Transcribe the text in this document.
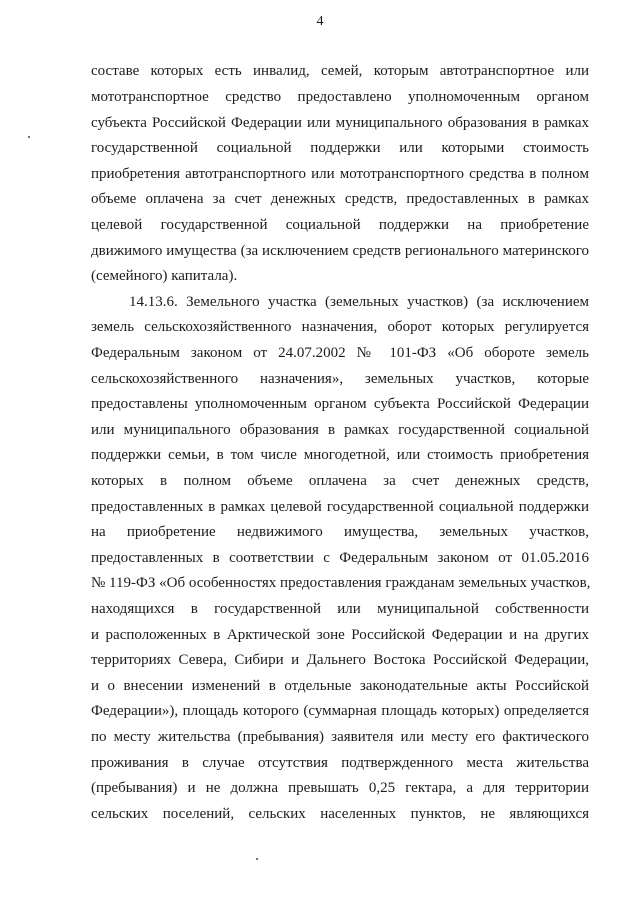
4
составе которых есть инвалид, семей, которым автотранспортное или
мототранспортное средство предоставлено уполномоченным органом
субъекта Российской Федерации или муниципального образования в рамках
государственной социальной поддержки или которыми стоимость
приобретения автотранспортного или мототранспортного средства в полном
объеме оплачена за счет денежных средств, предоставленных в рамках
целевой государственной социальной поддержки на приобретение
движимого имущества (за исключением средств регионального материнского
(семейного) капитала).
14.13.6. Земельного участка (земельных участков) (за исключением
земель сельскохозяйственного назначения, оборот которых регулируется
Федеральным законом от 24.07.2002 № 101-ФЗ «Об обороте земель
сельскохозяйственного назначения», земельных участков, которые
предоставлены уполномоченным органом субъекта Российской Федерации
или муниципального образования в рамках государственной социальной
поддержки семьи, в том числе многодетной, или стоимость приобретения
которых в полном объеме оплачена за счет денежных средств,
предоставленных в рамках целевой государственной социальной поддержки
на приобретение недвижимого имущества, земельных участков,
предоставленных в соответствии с Федеральным законом от 01.05.2016
№ 119-ФЗ «Об особенностях предоставления гражданам земельных участков,
находящихся в государственной или муниципальной собственности
и расположенных в Арктической зоне Российской Федерации и на других
территориях Севера, Сибири и Дальнего Востока Российской Федерации,
и о внесении изменений в отдельные законодательные акты Российской
Федерации»), площадь которого (суммарная площадь которых) определяется
по месту жительства (пребывания) заявителя или месту его фактического
проживания в случае отсутствия подтвержденного места жительства
(пребывания) и не должна превышать 0,25 гектара, а для территории
сельских поселений, сельских населенных пунктов, не являющихся
